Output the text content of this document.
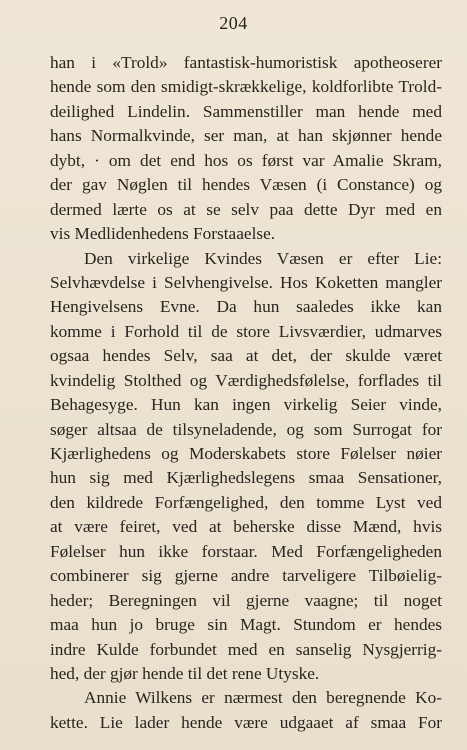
204
han i «Trold» fantastisk-humoristisk apotheoserer
hende som den smidigt-skrækkelige, koldforlibte Trold-
deilighed Lindelin. Sammenstiller man hende med
hans Normalkvinde, ser man, at han skjønner hende
dybt, · om det end hos os først var Amalie Skram,
der gav Nøglen til hendes Væsen (i Constance) og
dermed lærte os at se selv paa dette Dyr med en
vis Medlidenhedens Forstaaelse.
Den virkelige Kvindes Væsen er efter Lie:
Selvhævdelse i Selvhengivelse. Hos Koketten mangler
Hengivelsens Evne. Da hun saaledes ikke kan
komme i Forhold til de store Livsværdier, udmarves
ogsaa hendes Selv, saa at det, der skulde været
kvindelig Stolthed og Værdighedsfølelse, forflades til
Behagesyge. Hun kan ingen virkelig Seier vinde,
søger altsaa de tilsyneladende, og som Surrogat for
Kjærlighedens og Moderskabets store Følelser nøier
hun sig med Kjærlighedslegens smaa Sensationer,
den kildrede Forfængelighed, den tomme Lyst ved
at være feiret, ved at beherske disse Mænd, hvis
Følelser hun ikke forstaar. Med Forfængeligheden
combinerer sig gjerne andre tarveligere Tilbøielig-
heder; Beregningen vil gjerne vaagne; til noget
maa hun jo bruge sin Magt. Stundom er hendes
indre Kulde forbundet med en sanselig Nysgjerrig-
hed, der gjør hende til det rene Utyske.
Annie Wilkens er nærmest den beregnende Ko-
kette. Lie lader hende være udgaaet af smaa For
